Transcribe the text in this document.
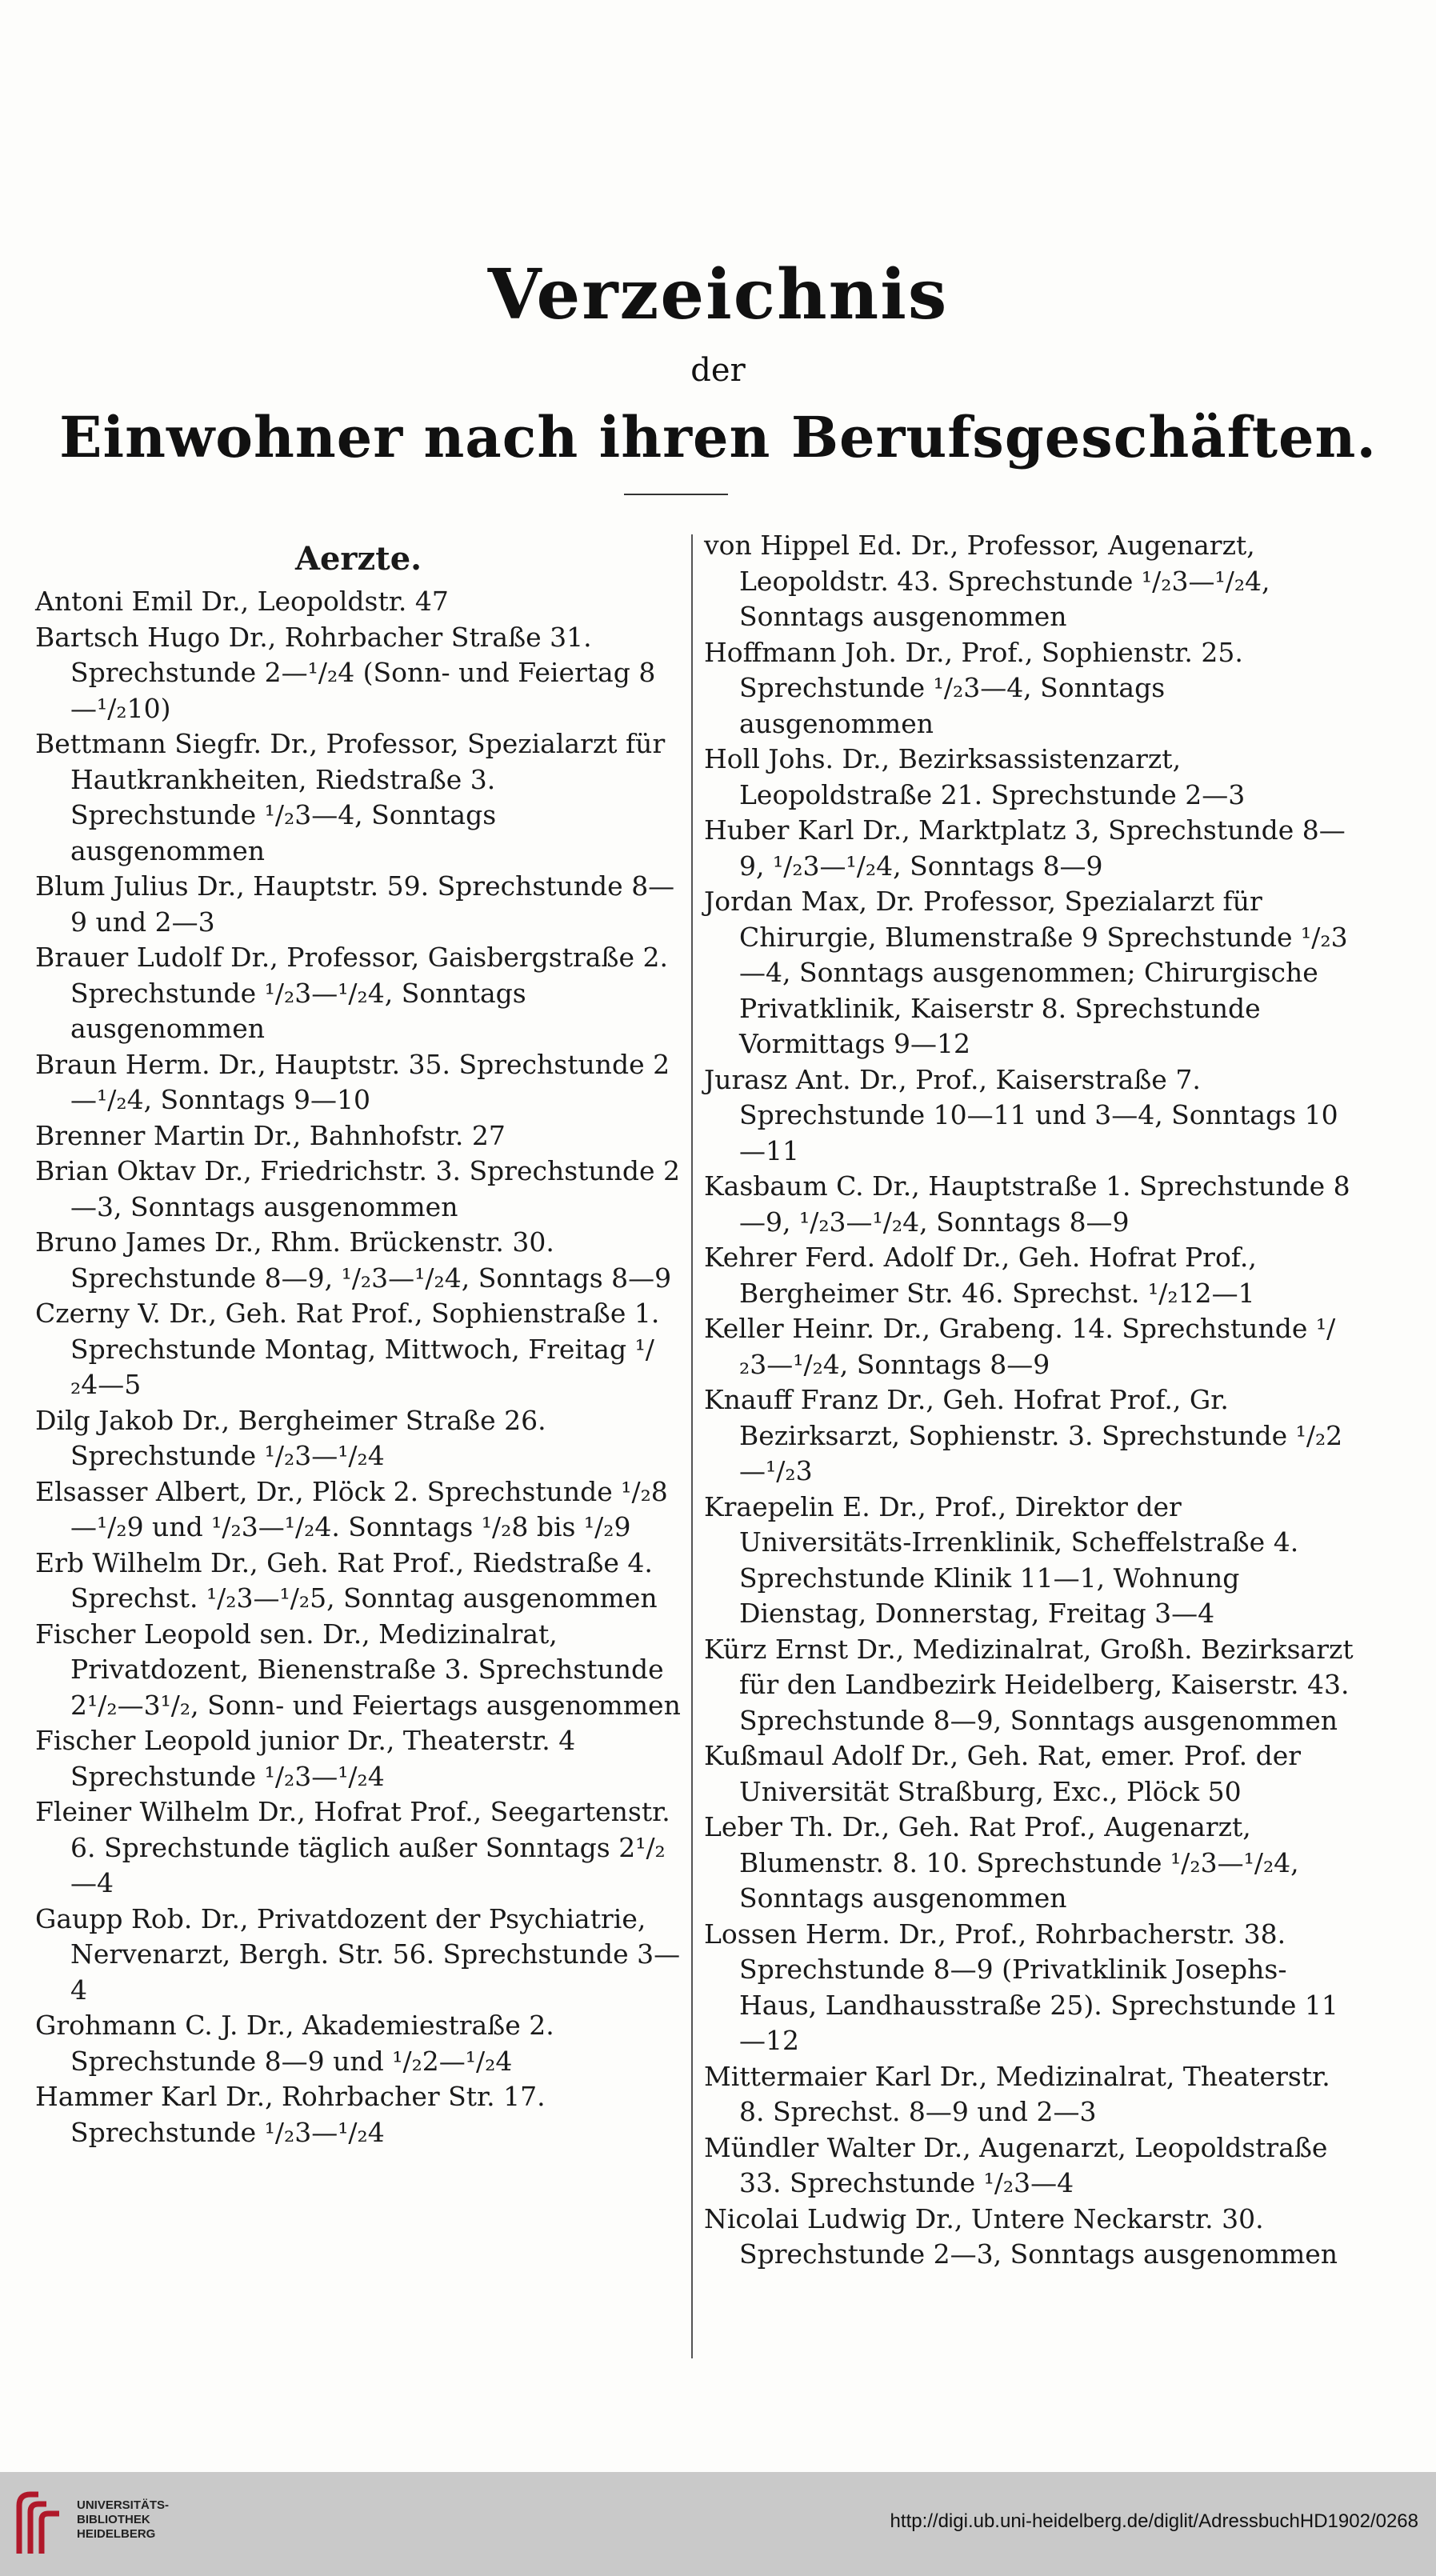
Verzeichnis
der
Einwohner nach ihren Berufsgeschäften.
Aerzte.

Antoni Emil Dr., Leopoldstr. 47

Bartsch Hugo Dr., Rohrbacher Straße 31. Sprechstunde 2—¹/₂4 (Sonn- und Feiertag 8—¹/₂10)

Bettmann Siegfr. Dr., Professor, Spezialarzt für Hautkrankheiten, Riedstraße 3. Sprechstunde ¹/₂3—4, Sonntags ausgenommen

Blum Julius Dr., Hauptstr. 59. Sprechstunde 8—9 und 2—3

Brauer Ludolf Dr., Professor, Gaisbergstraße 2. Sprechstunde ¹/₂3—¹/₂4, Sonntags ausgenommen

Braun Herm. Dr., Hauptstr. 35. Sprechstunde 2—¹/₂4, Sonntags 9—10

Brenner Martin Dr., Bahnhofstr. 27

Brian Oktav Dr., Friedrichstr. 3. Sprechstunde 2—3, Sonntags ausgenommen

Bruno James Dr., Rhm. Brückenstr. 30. Sprechstunde 8—9, ¹/₂3—¹/₂4, Sonntags 8—9

Czerny V. Dr., Geh. Rat Prof., Sophienstraße 1. Sprechstunde Montag, Mittwoch, Freitag ¹/₂4—5

Dilg Jakob Dr., Bergheimer Straße 26. Sprechstunde ¹/₂3—¹/₂4

Elsasser Albert, Dr., Plöck 2. Sprechstunde ¹/₂8—¹/₂9 und ¹/₂3—¹/₂4. Sonntags ¹/₂8 bis ¹/₂9

Erb Wilhelm Dr., Geh. Rat Prof., Riedstraße 4. Sprechst. ¹/₂3—¹/₂5, Sonntag ausgenommen

Fischer Leopold sen. Dr., Medizinalrat, Privatdozent, Bienenstraße 3. Sprechstunde 2¹/₂—3¹/₂, Sonn- und Feiertags ausgenommen

Fischer Leopold junior Dr., Theaterstr. 4 Sprechstunde ¹/₂3—¹/₂4

Fleiner Wilhelm Dr., Hofrat Prof., Seegartenstr. 6. Sprechstunde täglich außer Sonntags 2¹/₂—4

Gaupp Rob. Dr., Privatdozent der Psychiatrie, Nervenarzt, Bergh. Str. 56. Sprechstunde 3—4

Grohmann C. J. Dr., Akademiestraße 2. Sprechstunde 8—9 und ¹/₂2—¹/₂4

Hammer Karl Dr., Rohrbacher Str. 17. Sprechstunde ¹/₂3—¹/₂4

von Hippel Ed. Dr., Professor, Augenarzt, Leopoldstr. 43. Sprechstunde ¹/₂3—¹/₂4, Sonntags ausgenommen

Hoffmann Joh. Dr., Prof., Sophienstr. 25. Sprechstunde ¹/₂3—4, Sonntags ausgenommen

Holl Johs. Dr., Bezirksassistenzarzt, Leopoldstraße 21. Sprechstunde 2—3

Huber Karl Dr., Marktplatz 3, Sprechstunde 8—9, ¹/₂3—¹/₂4, Sonntags 8—9

Jordan Max, Dr. Professor, Spezialarzt für Chirurgie, Blumenstraße 9 Sprechstunde ¹/₂3—4, Sonntags ausgenommen; Chirurgische Privatklinik, Kaiserstr 8. Sprechstunde Vormittags 9—12

Jurasz Ant. Dr., Prof., Kaiserstraße 7. Sprechstunde 10—11 und 3—4, Sonntags 10—11

Kasbaum C. Dr., Hauptstraße 1. Sprechstunde 8—9, ¹/₂3—¹/₂4, Sonntags 8—9

Kehrer Ferd. Adolf Dr., Geh. Hofrat Prof., Bergheimer Str. 46. Sprechst. ¹/₂12—1

Keller Heinr. Dr., Grabeng. 14. Sprechstunde ¹/₂3—¹/₂4, Sonntags 8—9

Knauff Franz Dr., Geh. Hofrat Prof., Gr. Bezirksarzt, Sophienstr. 3. Sprechstunde ¹/₂2—¹/₂3

Kraepelin E. Dr., Prof., Direktor der Universitäts-Irrenklinik, Scheffelstraße 4. Sprechstunde Klinik 11—1, Wohnung Dienstag, Donnerstag, Freitag 3—4

Kürz Ernst Dr., Medizinalrat, Großh. Bezirksarzt für den Landbezirk Heidelberg, Kaiserstr. 43. Sprechstunde 8—9, Sonntags ausgenommen

Kußmaul Adolf Dr., Geh. Rat, emer. Prof. der Universität Straßburg, Exc., Plöck 50

Leber Th. Dr., Geh. Rat Prof., Augenarzt, Blumenstr. 8. 10. Sprechstunde ¹/₂3—¹/₂4, Sonntags ausgenommen

Lossen Herm. Dr., Prof., Rohrbacherstr. 38. Sprechstunde 8—9 (Privatklinik Josephs-Haus, Landhausstraße 25). Sprechstunde 11—12

Mittermaier Karl Dr., Medizinalrat, Theaterstr. 8. Sprechst. 8—9 und 2—3

Mündler Walter Dr., Augenarzt, Leopoldstraße 33. Sprechstunde ¹/₂3—4

Nicolai Ludwig Dr., Untere Neckarstr. 30. Sprechstunde 2—3, Sonntags ausgenommen

UNIVERSITÄTS-
BIBLIOTHEK
HEIDELBERG
http://digi.ub.uni-heidelberg.de/diglit/AdressbuchHD1902/0268
